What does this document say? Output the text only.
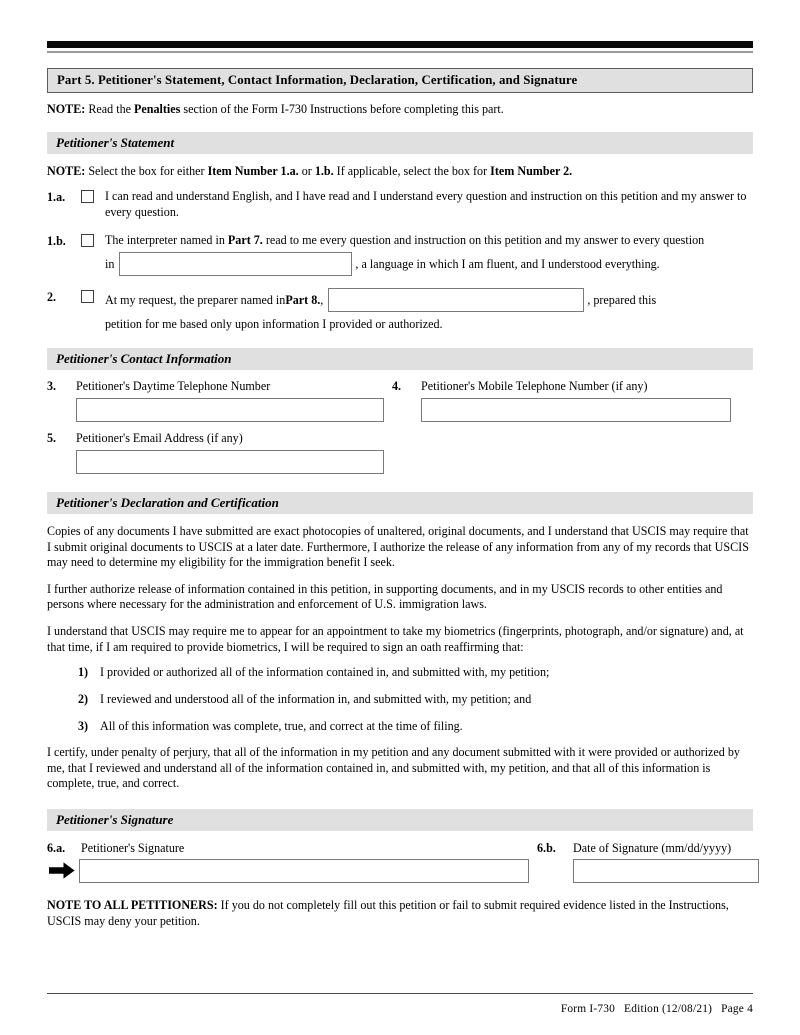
Part 5. Petitioner's Statement, Contact Information, Declaration, Certification, and Signature
NOTE: Read the Penalties section of the Form I-730 Instructions before completing this part.
Petitioner's Statement
NOTE: Select the box for either Item Number 1.a. or 1.b. If applicable, select the box for Item Number 2.
1.a.	I can read and understand English, and I have read and I understand every question and instruction on this petition and my answer to every question.
1.b.	The interpreter named in Part 7. read to me every question and instruction on this petition and my answer to every question
in	, a language in which I am fluent, and I understood everything.
2.	At my request, the preparer named in Part 8. ,	, prepared this
petition for me based only upon information I provided or authorized.
Petitioner's Contact Information
3.	Petitioner's Daytime Telephone Number	4.	Petitioner's Mobile Telephone Number (if any)
5.	Petitioner's Email Address (if any)
Petitioner's Declaration and Certification
Copies of any documents I have submitted are exact photocopies of unaltered, original documents, and I understand that USCIS may require that I submit original documents to USCIS at a later date. Furthermore, I authorize the release of any information from any of my records that USCIS may need to determine my eligibility for the immigration benefit I seek.
I further authorize release of information contained in this petition, in supporting documents, and in my USCIS records to other entities and persons where necessary for the administration and enforcement of U.S. immigration laws.
I understand that USCIS may require me to appear for an appointment to take my biometrics (fingerprints, photograph, and/or signature) and, at that time, if I am required to provide biometrics, I will be required to sign an oath reaffirming that:
1) I provided or authorized all of the information contained in, and submitted with, my petition;
2) I reviewed and understood all of the information in, and submitted with, my petition; and
3) All of this information was complete, true, and correct at the time of filing.
I certify, under penalty of perjury, that all of the information in my petition and any document submitted with it were provided or authorized by me, that I reviewed and understand all of the information contained in, and submitted with, my petition, and that all of this information is complete, true, and correct.
Petitioner's Signature
6.a.	Petitioner's Signature	6.b.	Date of Signature (mm/dd/yyyy)
NOTE TO ALL PETITIONERS: If you do not completely fill out this petition or fail to submit required evidence listed in the Instructions, USCIS may deny your petition.
Form I-730 Edition (12/08/21) Page 4
